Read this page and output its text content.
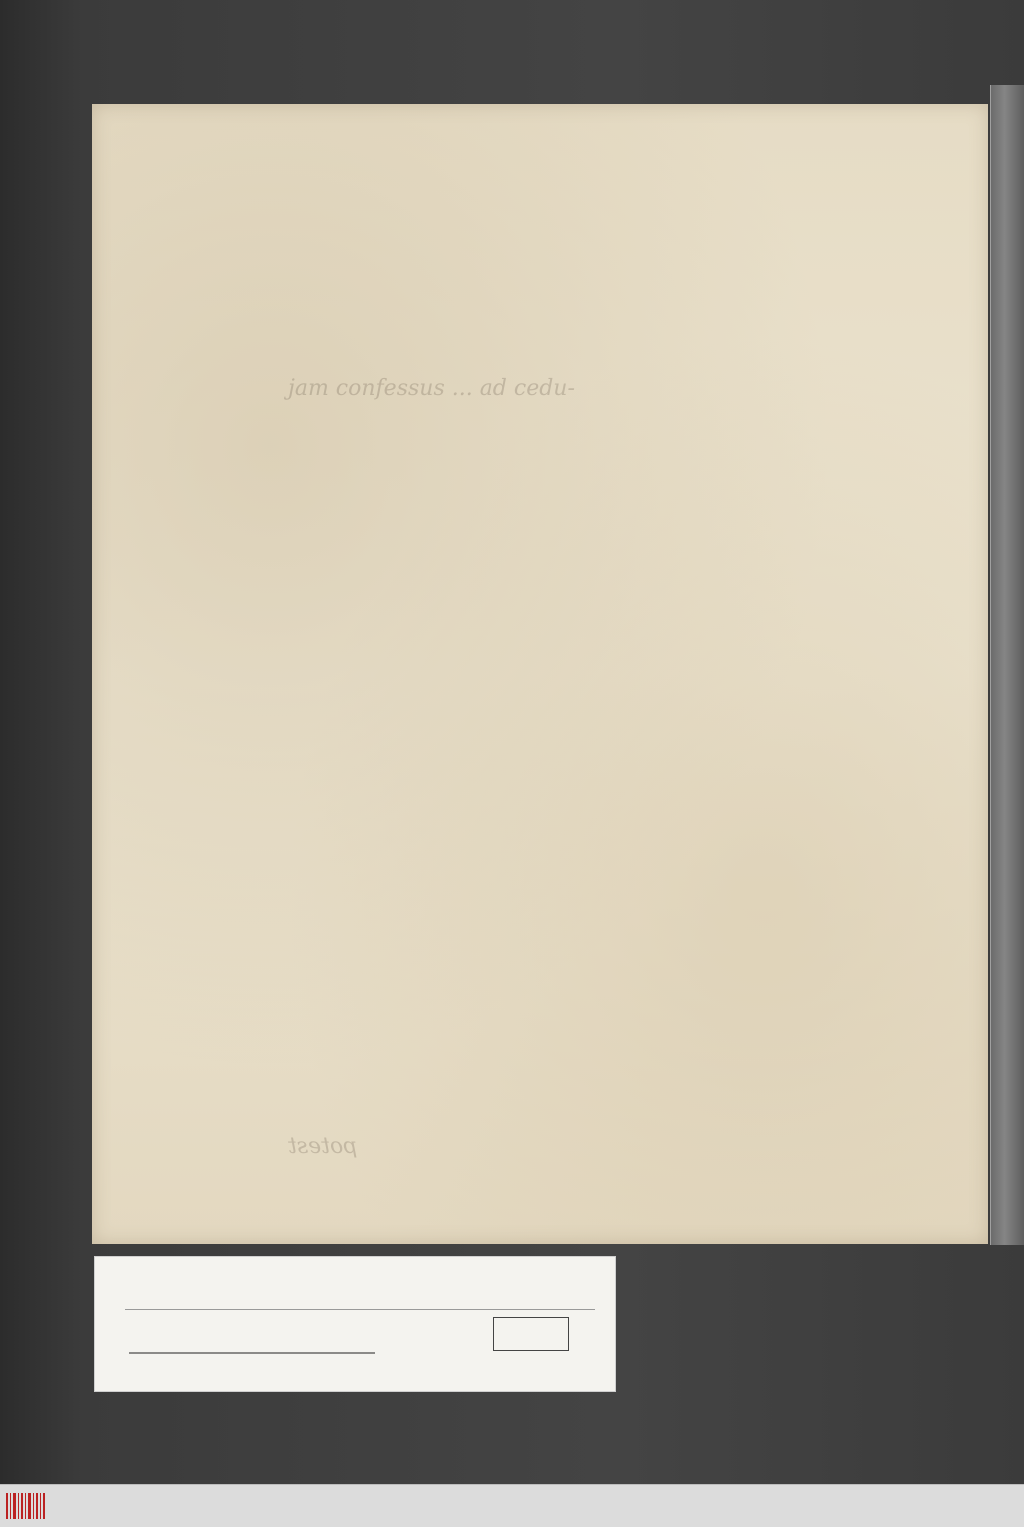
jam confessus ... ad cedu-
potest
